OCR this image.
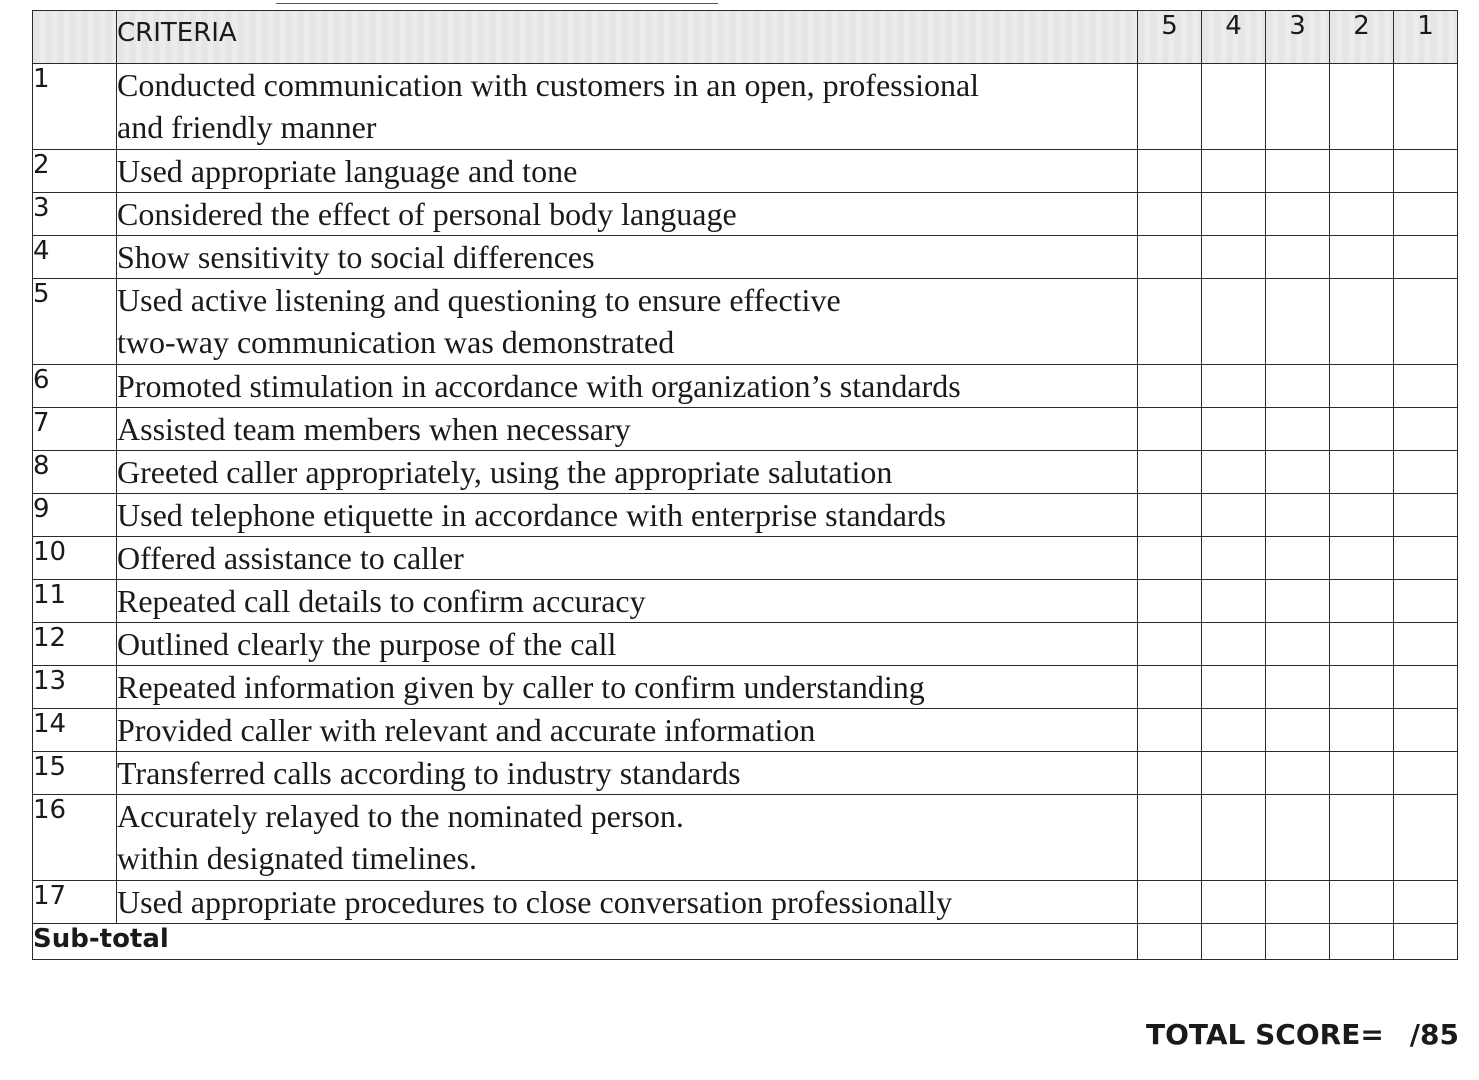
	CRITERIA	5	4	3	2	1
1	Conducted communication with customers in an open, professional
and friendly manner					

2	Used appropriate language and tone					

3	Considered the effect of personal body language					

4	Show sensitivity to social differences					

5	Used active listening and questioning to ensure effective
two-way communication was demonstrated					

6	Promoted stimulation in accordance with organization’s standards					

7	Assisted team members when necessary					

8	Greeted caller appropriately, using the appropriate salutation					

9	Used telephone etiquette in accordance with enterprise standards					

10	Offered assistance to caller					

11	Repeated call details to confirm accuracy					

12	Outlined clearly the purpose of the call					

13	Repeated information given by caller to confirm understanding					

14	Provided caller with relevant and accurate information					

15	Transferred calls according to industry standards					

16	Accurately relayed to the nominated person.
within designated timelines.					

17	Used appropriate procedures to close conversation professionally					

Sub-total						
TOTAL SCORE= /85
